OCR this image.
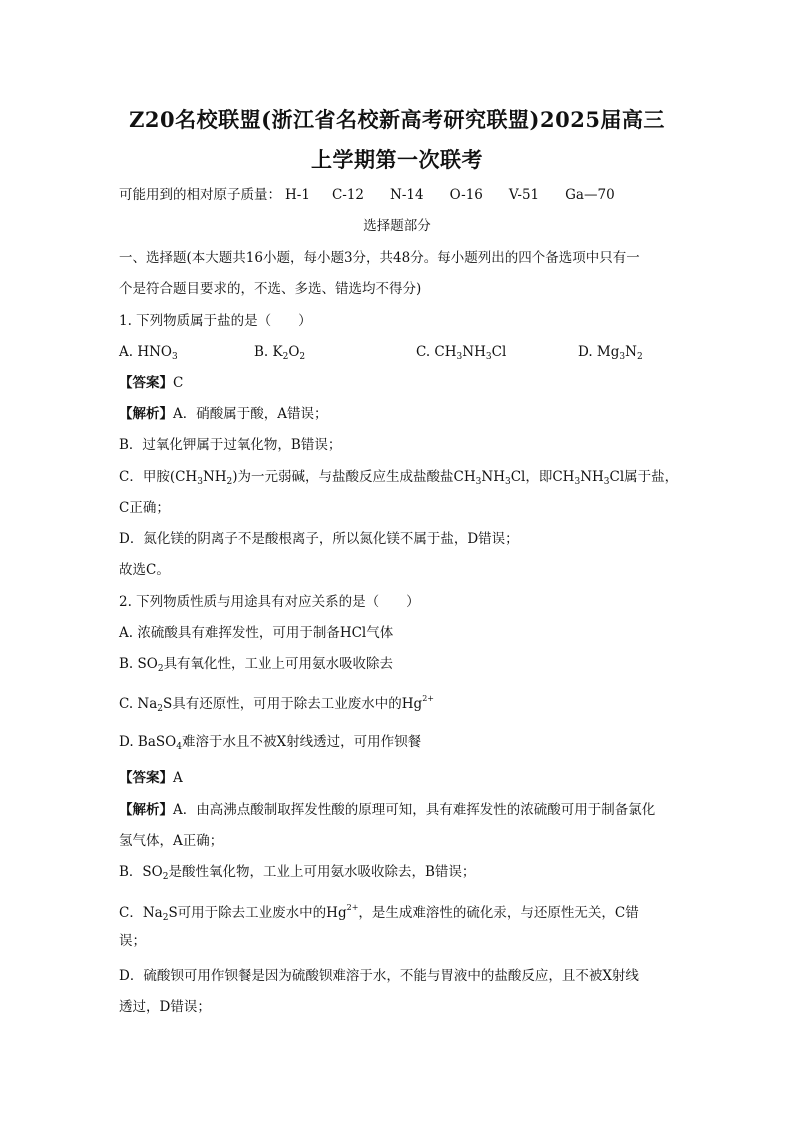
Z20名校联盟(浙江省名校新高考研究联盟)2025届高三
上学期第一次联考
可能用到的相对原子质量： H-1 C-12 N-14 O-16 V-51 Ga—70
选择题部分
一、选择题(本大题共16小题，每小题3分，共48分。每小题列出的四个备选项中只有一
个是符合题目要求的，不选、多选、错选均不得分)
1. 下列物质属于盐的是（　　）
A. $HNO_3$	B. $K_2O_2$	C. $CH_3NH_3Cl$	D. $Mg_3N_2$
【答案】C
【解析】A．硝酸属于酸，A错误；
B．过氧化钾属于过氧化物，B错误；
C．甲胺$(CH_3NH_2)$为一元弱碱，与盐酸反应生成盐酸盐$CH_3NH_3Cl$，即$CH_3NH_3Cl$属于盐，
C正确；
D．氮化镁的阴离子不是酸根离子，所以氮化镁不属于盐，D错误；
故选C。
2. 下列物质性质与用途具有对应关系的是（　　）
A. 浓硫酸具有难挥发性，可用于制备HCl气体
B. $SO_2$具有氧化性，工业上可用氨水吸收除去
C. $Na_2S$具有还原性，可用于除去工业废水中的$Hg^{2+}$
D. BaSO$_4$难溶于水且不被X射线透过，可用作钡餐
【答案】A
【解析】A．由高沸点酸制取挥发性酸的原理可知，具有难挥发性的浓硫酸可用于制备氯化
氢气体，A正确；
B．$SO_2$是酸性氧化物，工业上可用氨水吸收除去，B错误；
C．$Na_2S$可用于除去工业废水中的$Hg^{2+}$，是生成难溶性的硫化汞，与还原性无关，C错
误；
D．硫酸钡可用作钡餐是因为硫酸钡难溶于水，不能与胃液中的盐酸反应，且不被X射线
透过，D错误；
